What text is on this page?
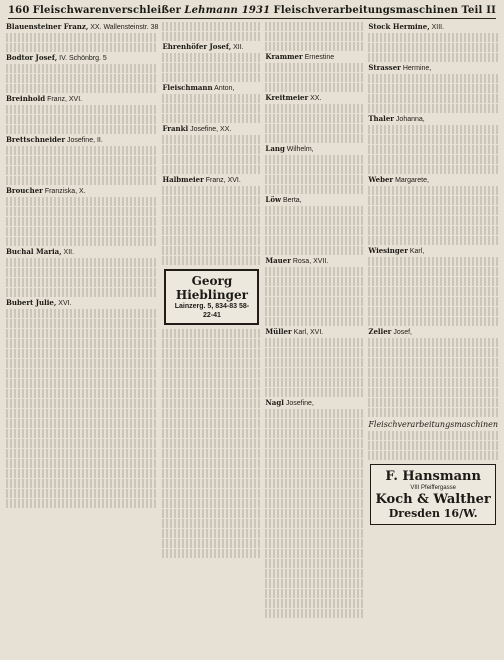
160 Fleischwarenverschleißer Lehmann 1931 Fleischverarbeitungsmaschinen Teil II
Blauensteiner Franz, XX. Wallensteinstr. 38
Bodtor Josef, IV. Schönbrg. 5
Breinhold Franz, XVI.
Brettschneider Josefine, II.
Broucher Franziska, X.
Buchal Maria, XII.
Bubert Julie, XVI.
Ehrenhöfer Josef, XII.
Fleischmann Anton,
Frankl Josefine, XX.
Halbmeier Franz, XVI.
Georg Hieblinger
Lainzerg. 5, 834-83 58-22-41
Krammer Ernestine
Kreitmeier XX.
Lang Wilhelm,
Löw Berta,
Mauer Rosa, XVII.
Müller Karl, XVI.
Nagl Josefine,
Stock Hermine, XIII.
Strasser Hermine,
Thaler Johanna,
Weber Margarete,
Wiesinger Karl,
Zeller Josef,
Fleischverarbeitungsmaschinen
F. Hansmann
VIII Pfeiffergasse
Koch & Walther
Dresden 16/W.
